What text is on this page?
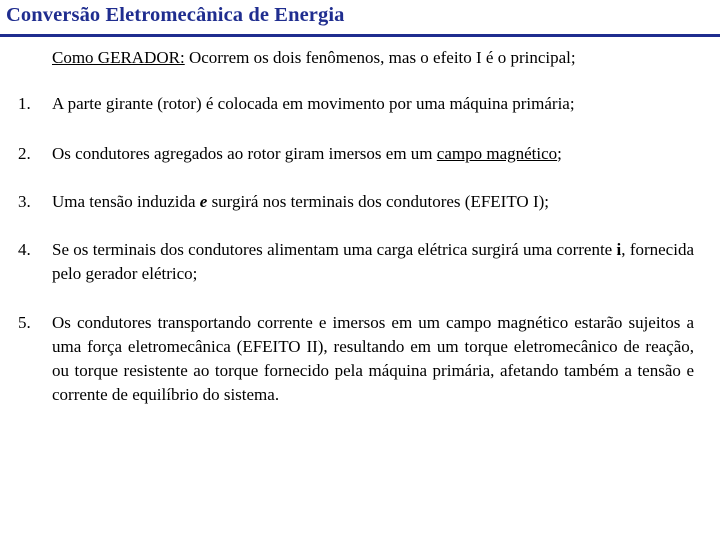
Conversão Eletromecânica de Energia
Como GERADOR: Ocorrem os dois fenômenos, mas o efeito I é o principal;
1. A parte girante (rotor) é colocada em movimento por uma máquina primária;
2. Os condutores agregados ao rotor giram imersos em um campo magnético;
3. Uma tensão induzida e surgirá nos terminais dos condutores (EFEITO I);
4. Se os terminais dos condutores alimentam uma carga elétrica surgirá uma corrente i, fornecida pelo gerador elétrico;
5. Os condutores transportando corrente e imersos em um campo magnético estarão sujeitos a uma força eletromecânica (EFEITO II), resultando em um torque eletromecânico de reação, ou torque resistente ao torque fornecido pela máquina primária, afetando também a tensão e corrente de equilíbrio do sistema.
